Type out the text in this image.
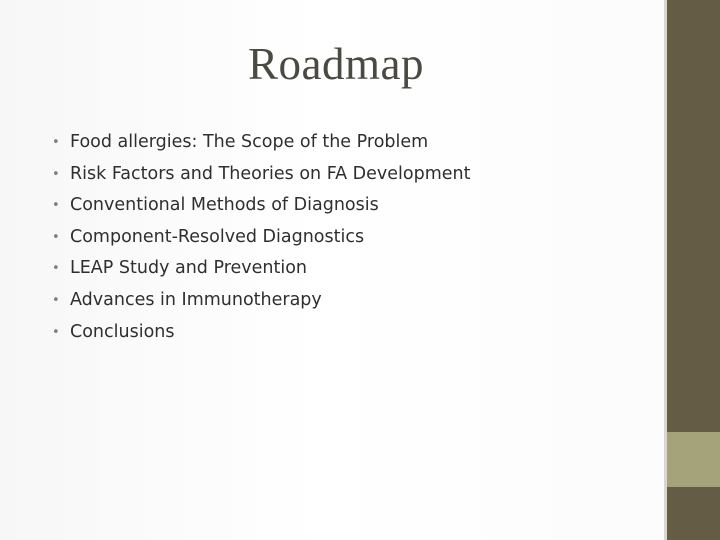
Roadmap
• Food allergies: The Scope of the Problem
• Risk Factors and Theories on FA Development
• Conventional Methods of Diagnosis
• Component-Resolved Diagnostics
• LEAP Study and Prevention
• Advances in Immunotherapy
• Conclusions
